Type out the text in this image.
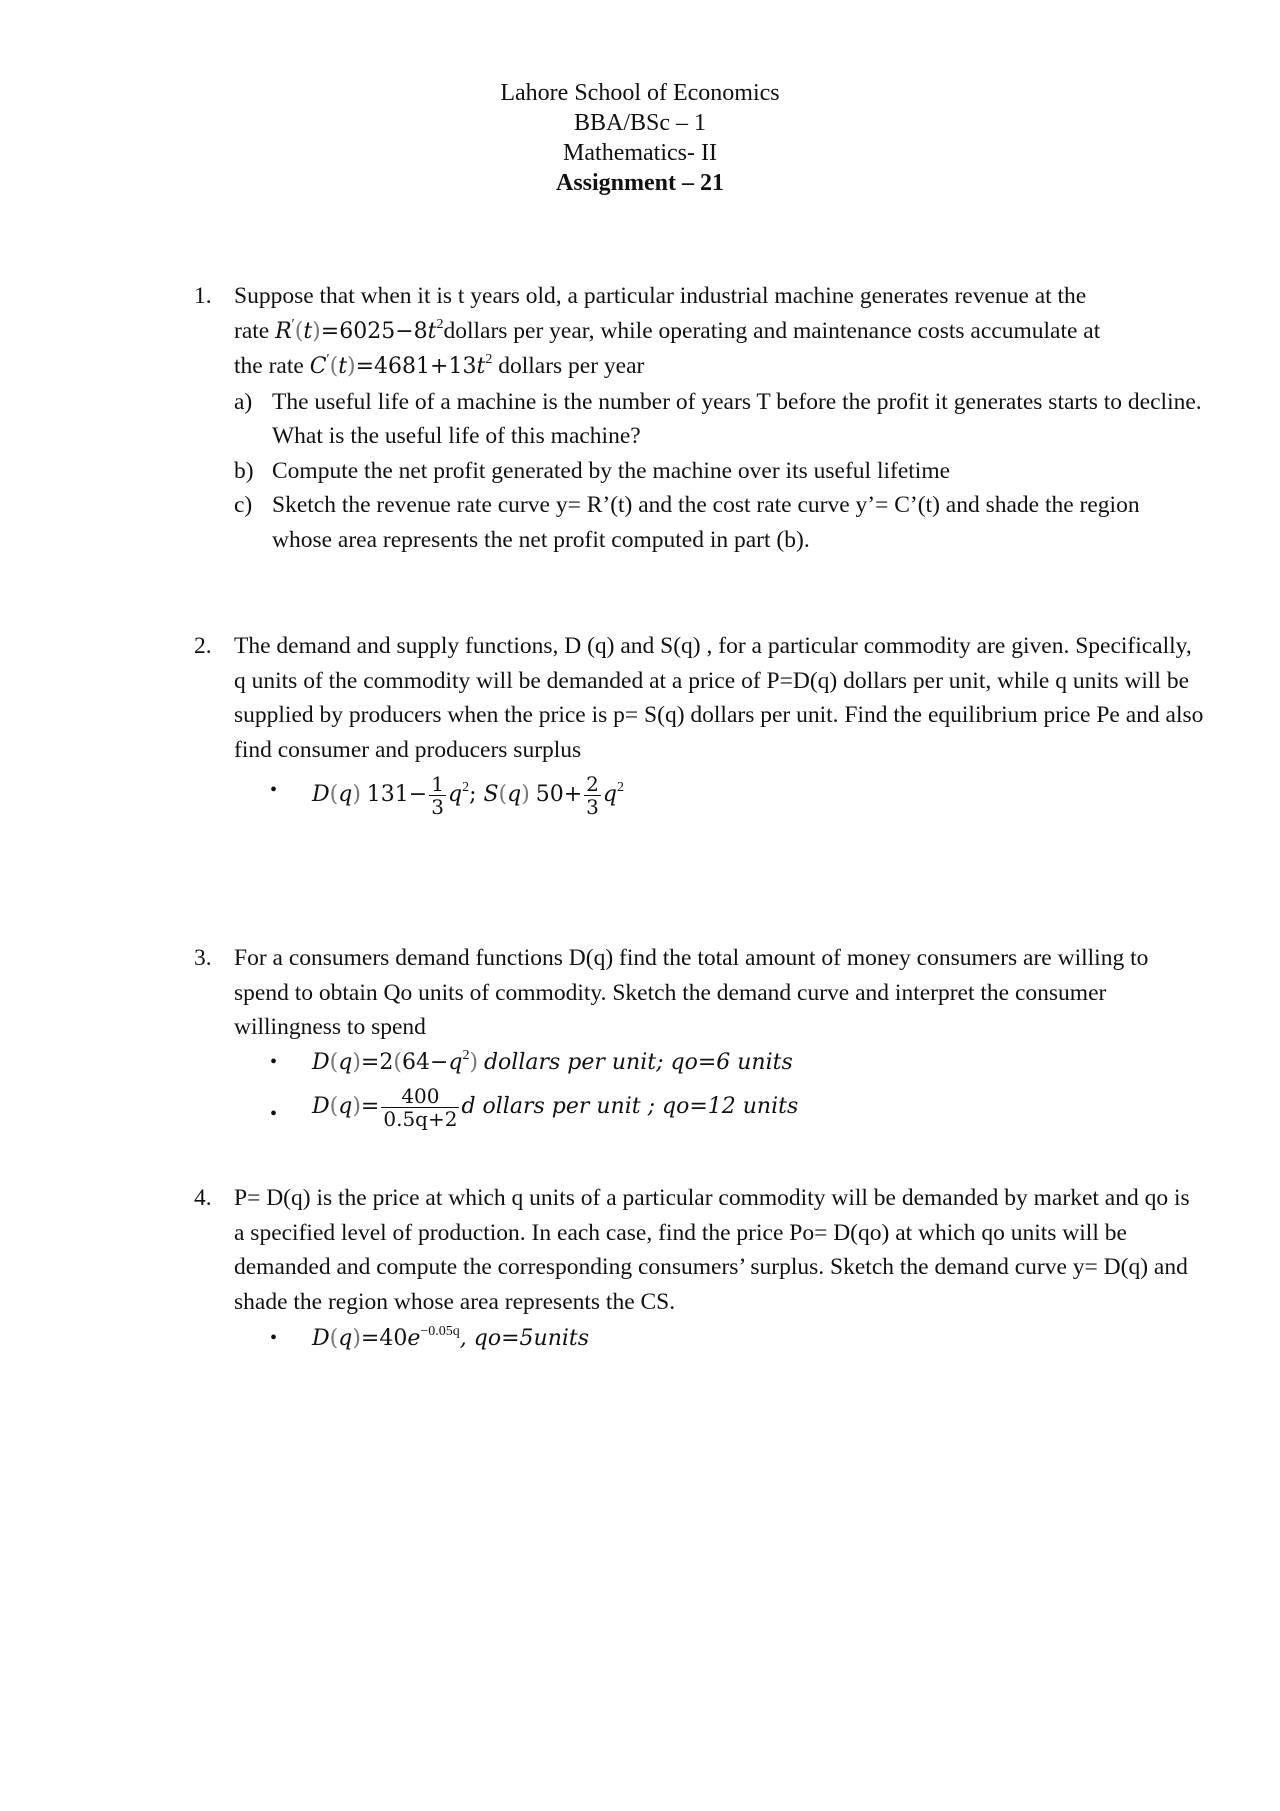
Lahore School of Economics
BBA/BSc – 1
Mathematics- II
Assignment – 21
1. Suppose that when it is t years old, a particular industrial machine generates revenue at the
rate $R'(t)=6025-8t^2dollars$ per year, while operating and maintenance costs accumulate at
the rate $C'(t)=4681+13t^2$ dollars per year
a) The useful life of a machine is the number of years T before the profit it generates starts to decline. What is the useful life of this machine?
b) Compute the net profit generated by the machine over its useful lifetime
c) Sketch the revenue rate curve y= R’(t) and the cost rate curve y’= C’(t) and shade the region whose area represents the net profit computed in part (b).
2. The demand and supply functions, D (q) and S(q) , for a particular commodity are given. Specifically, q units of the commodity will be demanded at a price of P=D(q) dollars per unit, while q units will be supplied by producers when the price is p= S(q) dollars per unit. Find the equilibrium price Pe and also find consumer and producers surplus
• D(q) $131- \frac{1}{3} q^2$; S(q) $50+ \frac{2}{3} q^2$
3. For a consumers demand functions D(q) find the total amount of money consumers are willing to spend to obtain Qo units of commodity. Sketch the demand curve and interpret the consumer willingness to spend
• $D(q)=2(64-q^2)$ dollars per unit; qo=6 units
• $D(q)= \frac{400}{0.5q+2}$ d ollars per unit ; qo=12 units
4. P= D(q) is the price at which q units of a particular commodity will be demanded by market and qo is a specified level of production. In each case, find the price Po= D(qo) at which qo units will be demanded and compute the corresponding consumers’ surplus. Sketch the demand curve y= D(q) and shade the region whose area represents the CS.
• $D(q)=40e^{-0.05q}$, qo=5units
